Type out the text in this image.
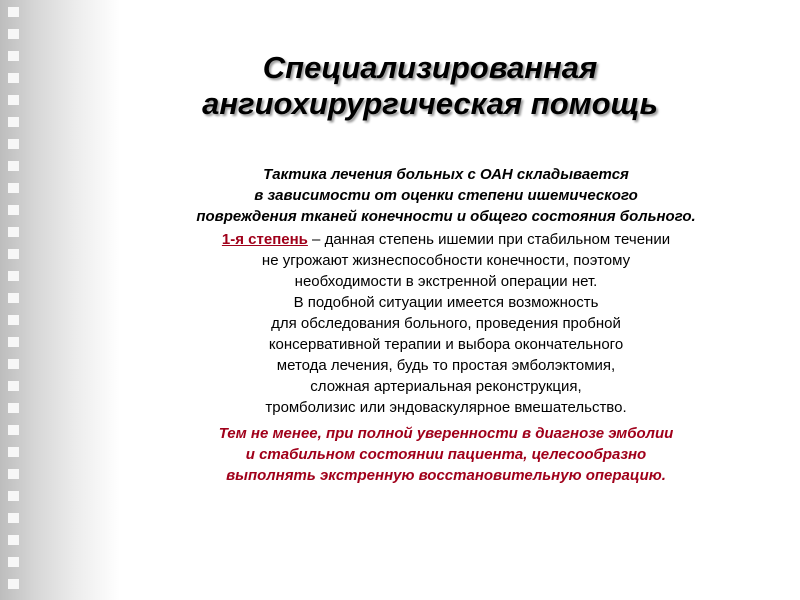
Специализированная
ангиохирургическая помощь
Тактика лечения больных с ОАН складывается
в зависимости от оценки степени ишемического
повреждения тканей конечности и общего состояния больного.
1-я степень – данная степень ишемии при стабильном течении
не угрожают жизнеспособности конечности, поэтому
необходимости в экстренной операции нет.
В подобной ситуации имеется возможность
для обследования больного, проведения пробной
консервативной терапии и выбора окончательного
метода лечения, будь то простая эмболэктомия,
сложная артериальная реконструкция,
тромболизис или эндоваскулярное вмешательство.
Тем не менее, при полной уверенности в диагнозе эмболии
и стабильном состоянии пациента, целесообразно
выполнять экстренную восстановительную операцию.
